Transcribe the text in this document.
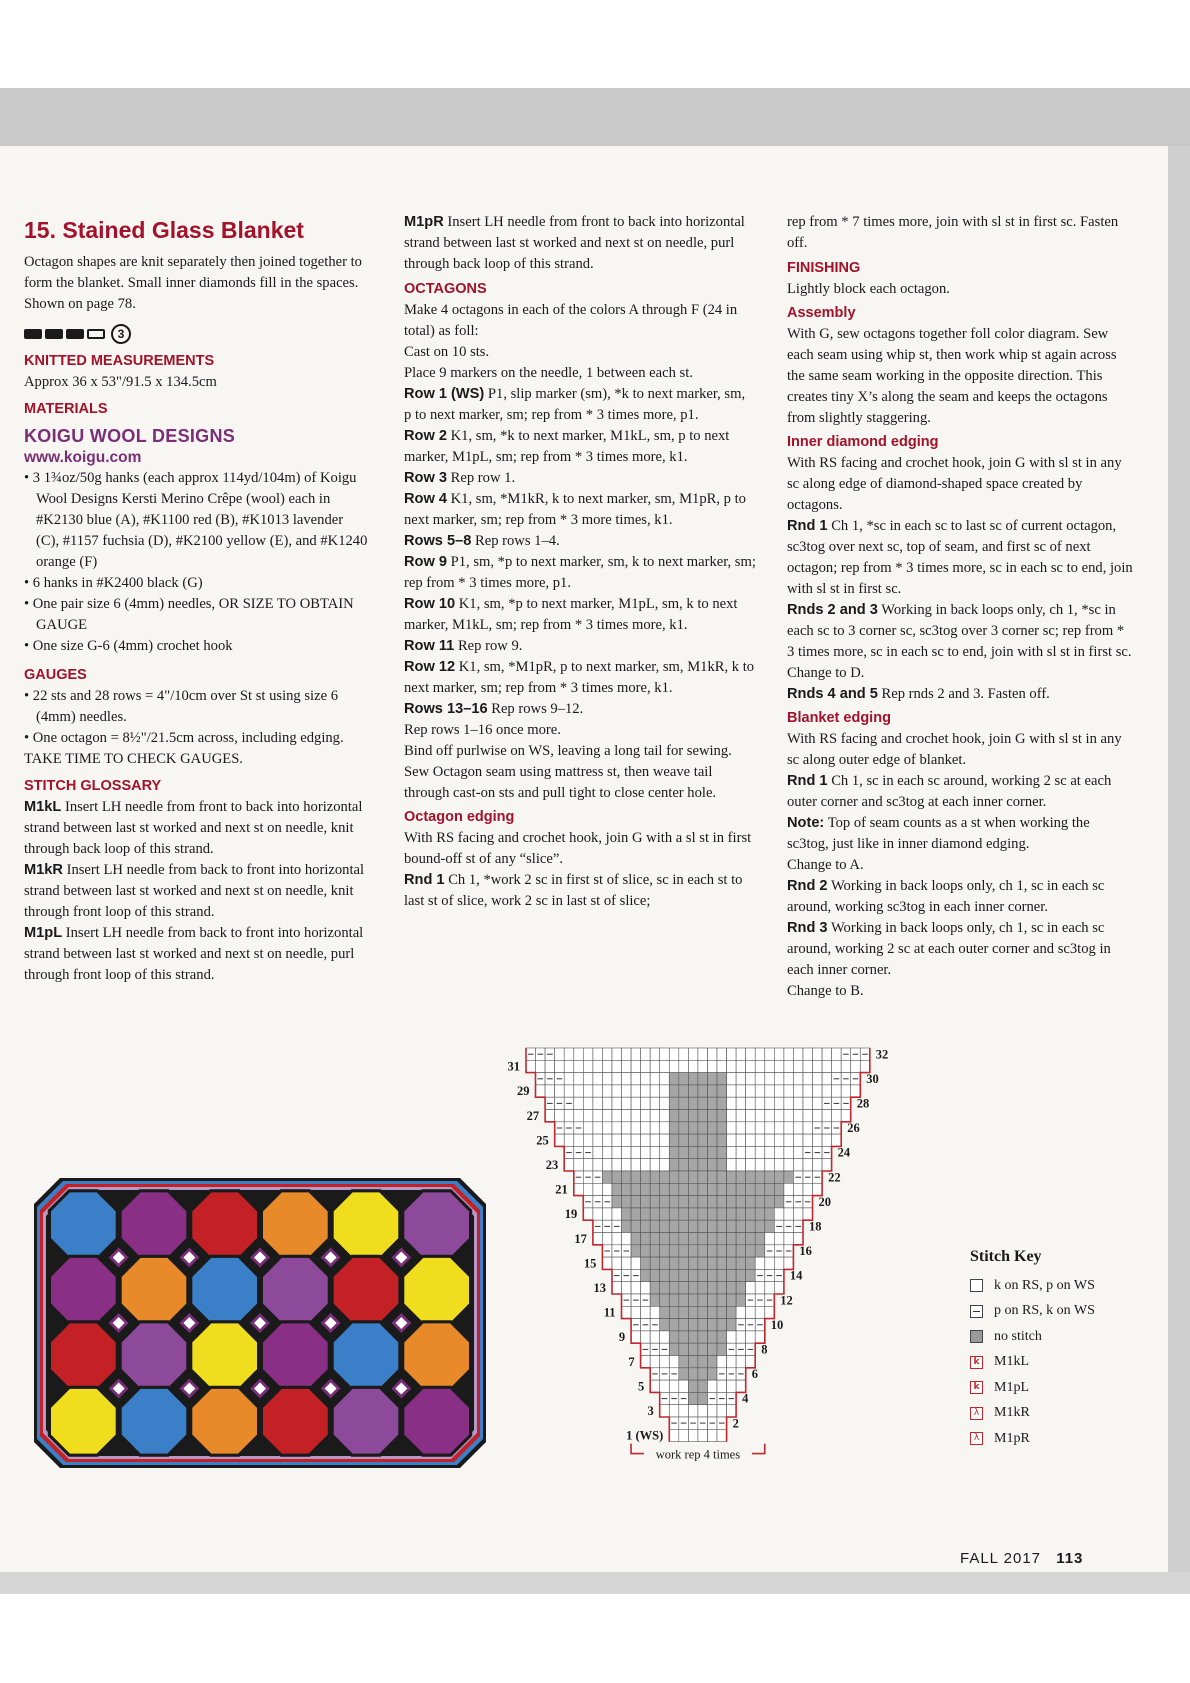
15. Stained Glass Blanket

Octagon shapes are knit separately then joined together to form the blanket. Small inner diamonds fill in the spaces. Shown on page 78.

3
KNITTED MEASUREMENTS

Approx 36 x 53"/91.5 x 134.5cm

MATERIALS
KOIGU WOOL DESIGNS
www.koigu.com

• 3 1¾oz/50g hanks (each approx 114yd/104m) of Koigu Wool Designs Kersti Merino Crêpe (wool) each in #K2130 blue (A), #K1100 red (B), #K1013 lavender (C), #1157 fuchsia (D), #K2100 yellow (E), and #K1240 orange (F)

• 6 hanks in #K2400 black (G)

• One pair size 6 (4mm) needles, OR SIZE TO OBTAIN GAUGE

• One size G-6 (4mm) crochet hook

GAUGES

• 22 sts and 28 rows = 4"/10cm over St st using size 6 (4mm) needles.

• One octagon = 8½"/21.5cm across, including edging.

TAKE TIME TO CHECK GAUGES.

STITCH GLOSSARY

M1kL Insert LH needle from front to back into horizontal strand between last st worked and next st on needle, knit through back loop of this strand.

M1kR Insert LH needle from back to front into horizontal strand between last st worked and next st on needle, knit through front loop of this strand.

M1pL Insert LH needle from back to front into horizontal strand between last st worked and next st on needle, purl through front loop of this strand.

M1pR Insert LH needle from front to back into horizontal strand between last st worked and next st on needle, purl through back loop of this strand.

OCTAGONS

Make 4 octagons in each of the colors A through F (24 in total) as foll:

Cast on 10 sts.

Place 9 markers on the needle, 1 between each st.

Row 1 (WS) P1, slip marker (sm), *k to next marker, sm, p to next marker, sm; rep from * 3 times more, p1.

Row 2 K1, sm, *k to next marker, M1kL, sm, p to next marker, M1pL, sm; rep from * 3 times more, k1.

Row 3 Rep row 1.

Row 4 K1, sm, *M1kR, k to next marker, sm, M1pR, p to next marker, sm; rep from * 3 more times, k1.

Rows 5–8 Rep rows 1–4.

Row 9 P1, sm, *p to next marker, sm, k to next marker, sm; rep from * 3 times more, p1.

Row 10 K1, sm, *p to next marker, M1pL, sm, k to next marker, M1kL, sm; rep from * 3 times more, k1.

Row 11 Rep row 9.

Row 12 K1, sm, *M1pR, p to next marker, sm, M1kR, k to next marker, sm; rep from * 3 times more, k1.

Rows 13–16 Rep rows 9–12.

Rep rows 1–16 once more.

Bind off purlwise on WS, leaving a long tail for sewing.

Sew Octagon seam using mattress st, then weave tail through cast-on sts and pull tight to close center hole.

Octagon edging

With RS facing and crochet hook, join G with a sl st in first bound-off st of any “slice”.

Rnd 1 Ch 1, *work 2 sc in first st of slice, sc in each st to last st of slice, work 2 sc in last st of slice;

rep from * 7 times more, join with sl st in first sc. Fasten off.

FINISHING

Lightly block each octagon.

Assembly

With G, sew octagons together foll color diagram. Sew each seam using whip st, then work whip st again across the same seam working in the opposite direction. This creates tiny X’s along the seam and keeps the octagons from slightly staggering.

Inner diamond edging

With RS facing and crochet hook, join G with sl st in any sc along edge of diamond-shaped space created by octagons.

Rnd 1 Ch 1, *sc in each sc to last sc of current octagon, sc3tog over next sc, top of seam, and first sc of next octagon; rep from * 3 times more, sc in each sc to end, join with sl st in first sc.

Rnds 2 and 3 Working in back loops only, ch 1, *sc in each sc to 3 corner sc, sc3tog over 3 corner sc; rep from * 3 times more, sc in each sc to end, join with sl st in first sc.

Change to D.

Rnds 4 and 5 Rep rnds 2 and 3. Fasten off.

Blanket edging

With RS facing and crochet hook, join G with sl st in any sc along outer edge of blanket.

Rnd 1 Ch 1, sc in each sc around, working 2 sc at each outer corner and sc3tog at each inner corner.

Note: Top of seam counts as a st when working the sc3tog, just like in inner diamond edging.

Change to A.

Rnd 2 Working in back loops only, ch 1, sc in each sc around, working sc3tog in each inner corner.

Rnd 3 Working in back loops only, ch 1, sc in each sc around, working 2 sc at each outer corner and sc3tog in each inner corner.

Change to B.

31
29
27
25
23
21
19
17
15
13
11
9
7
5
3
1 (WS)
32
30
28
26
24
22
20
18
16
14
12
10
8
6
4
2
work rep 4 times
Stitch Key
k on RS, p on WS
p on RS, k on WS
no stitch
𝗸 M1kL
𝗸 M1pL
λ M1kR
λ M1pR
FALL 2017 113
